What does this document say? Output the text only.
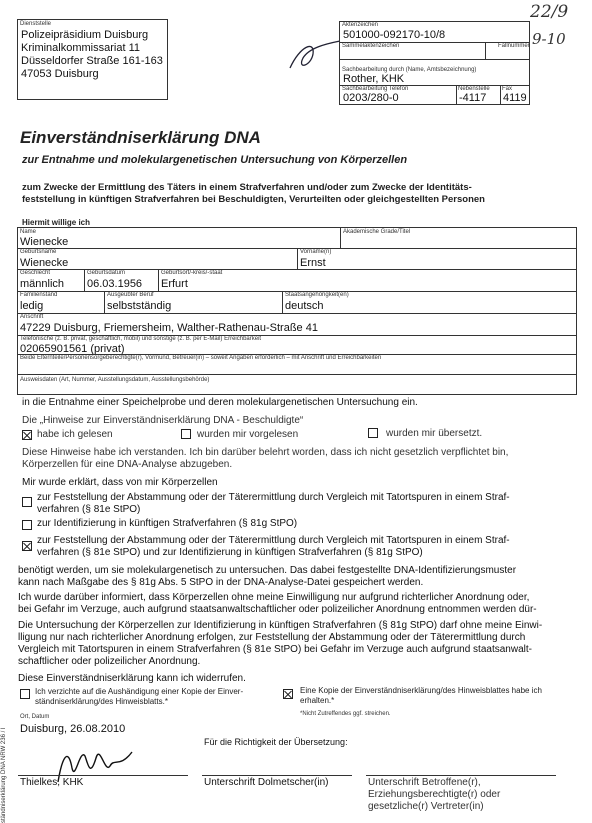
22/9
9-10
Dienststelle
Polizeipräsidium Duisburg
Kriminalkommissariat 11
Düsseldorfer Straße 161-163
47053 Duisburg
Aktenzeichen
501000-092170-10/8
Sammelaktenzeichen	Fallnummer
Sachbearbeitung durch (Name, Amtsbezeichnung)
Rother, KHK
Sachbearbeitung Telefon
0203/280-0
Nebenstelle
-4117
Fax
4119
Einverständniserklärung DNA
zur Entnahme und molekulargenetischen Untersuchung von Körperzellen
zum Zwecke der Ermittlung des Täters in einem Strafverfahren und/oder zum Zwecke der Identitäts-
feststellung in künftigen Strafverfahren bei Beschuldigten, Verurteilten oder gleichgestellten Personen
Hiermit willige ich
Name
Wienecke
Akademische Grade/Titel
Geburtsname
Wienecke
Vorname(n)
Ernst
Geschlecht
männlich
Geburtsdatum
06.03.1956
Geburtsort/-kreis/-staat
Erfurt
Familienstand
ledig
Ausgeübter Beruf
selbstständig
Staatsangehörigkeit(en)
deutsch
Anschrift
47229 Duisburg, Friemersheim, Walther-Rathenau-Straße 41
Telefonische (z. B. privat, geschäftlich, mobil) und sonstige (z. B. per E-Mail) Erreichbarkeit
02065901561 (privat)
Beide Elternteile/Personensorgeberechtigte(r), Vormund, Betreuer(in) – soweit Angaben erforderlich – mit Anschrift und Erreichbarkeiten
Ausweisdaten (Art, Nummer, Ausstellungsdatum, Ausstellungsbehörde)
in die Entnahme einer Speichelprobe und deren molekulargenetischen Untersuchung ein.
Die „Hinweise zur Einverständniserklärung DNA - Beschuldigte“
habe ich gelesen	wurden mir vorgelesen	wurden mir übersetzt.
Diese Hinweise habe ich verstanden. Ich bin darüber belehrt worden, dass ich nicht gesetzlich verpflichtet bin,
Körperzellen für eine DNA-Analyse abzugeben.
Mir wurde erklärt, dass von mir Körperzellen
zur Feststellung der Abstammung oder der Täterermittlung durch Vergleich mit Tatortspuren in einem Straf-
verfahren (§ 81e StPO)
zur Identifizierung in künftigen Strafverfahren (§ 81g StPO)
zur Feststellung der Abstammung oder der Täterermittlung durch Vergleich mit Tatortspuren in einem Straf-
verfahren (§ 81e StPO) und zur Identifizierung in künftigen Strafverfahren (§ 81g StPO)
benötigt werden, um sie molekulargenetisch zu untersuchen. Das dabei festgestellte DNA-Identifizierungsmuster
kann nach Maßgabe des § 81g Abs. 5 StPO in der DNA-Analyse-Datei gespeichert werden.
Ich wurde darüber informiert, dass Körperzellen ohne meine Einwilligung nur aufgrund richterlicher Anordnung oder,
bei Gefahr im Verzuge, auch aufgrund staatsanwaltschaftlicher oder polizeilicher Anordnung entnommen werden dür-
Die Untersuchung der Körperzellen zur Identifizierung in künftigen Strafverfahren (§ 81g StPO) darf ohne meine Einwi-
lligung nur nach richterlicher Anordnung erfolgen, zur Feststellung der Abstammung oder der Täterermittlung durch
Vergleich mit Tatortspuren in einem Strafverfahren (§ 81e StPO) bei Gefahr im Verzuge auch aufgrund staatsanwalt-
schaftlicher oder polizeilicher Anordnung.
Diese Einverständniserklärung kann ich widerrufen.
Ich verzichte auf die Aushändigung einer Kopie der Einver-
ständniserklärung/des Hinweisblatts.*
Eine Kopie der Einverständniserklärung/des Hinweisblattes habe ich
erhalten.*
*Nicht Zutreffendes ggf. streichen.
Ort, Datum
Duisburg, 26.08.2010
Für die Richtigkeit der Übersetzung:
Thielkes, KHK	Unterschrift Dolmetscher(in)	Unterschrift Betroffene(r),
Erziehungsberechtigte(r) oder
gesetzliche(r) Vertreter(in)
ständniserklärung DNA NRW 236 / I
